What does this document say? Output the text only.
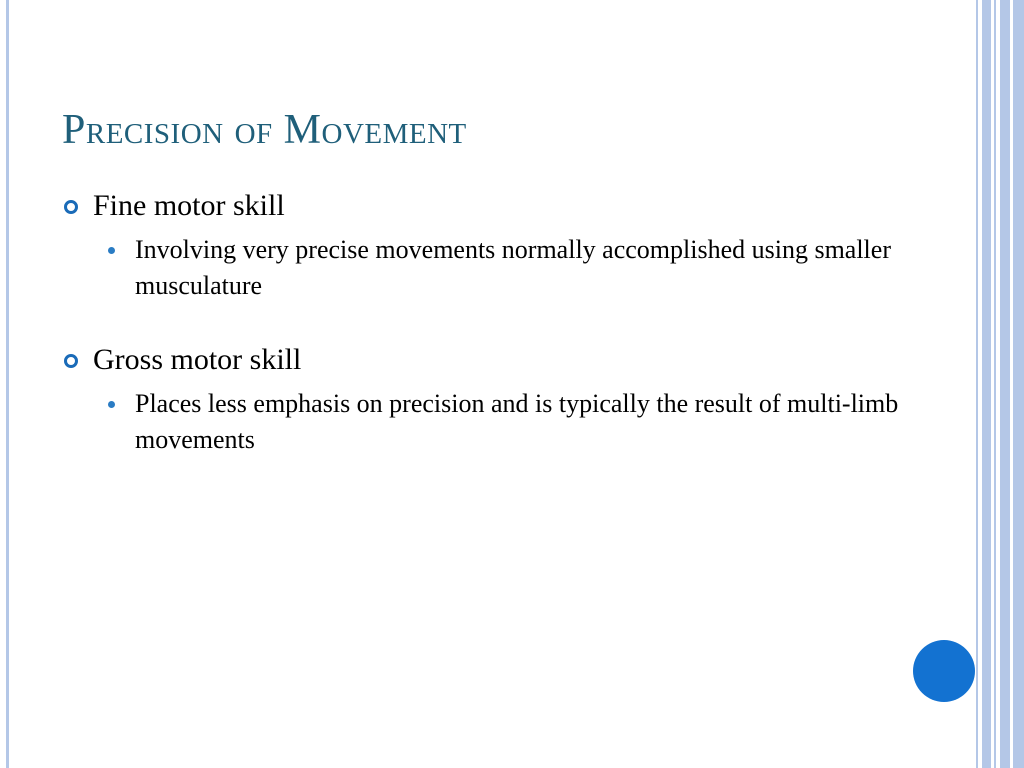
Precision of Movement
Fine motor skill
Involving very precise movements normally accomplished using smaller musculature
Gross motor skill
Places less emphasis on precision and is typically the result of multi-limb movements
